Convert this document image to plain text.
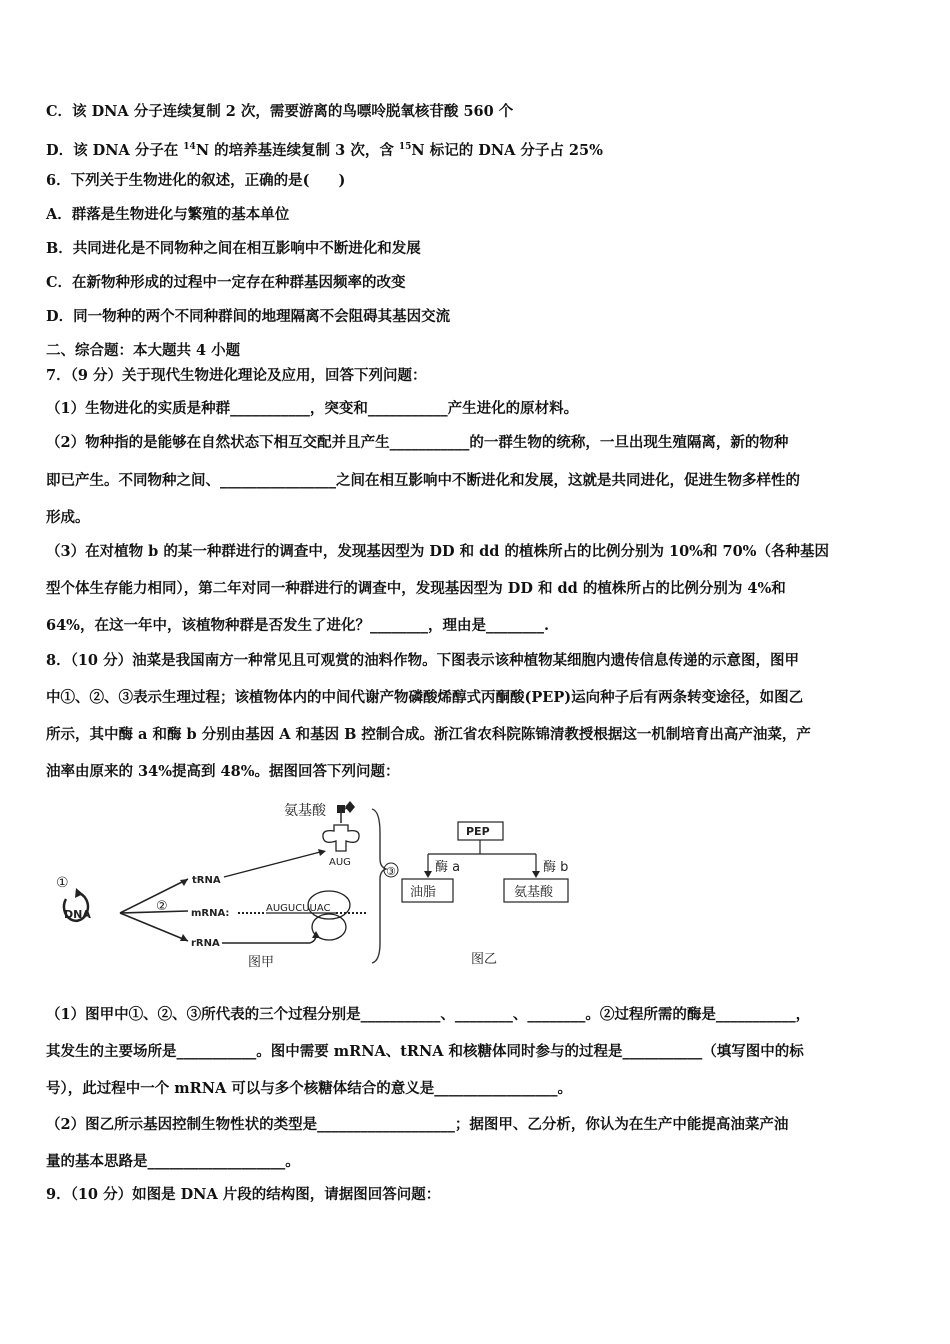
C．该 DNA 分子连续复制 2 次，需要游离的鸟嘌呤脱氧核苷酸 560 个
D．该 DNA 分子在 $^{14}$N 的培养基连续复制 3 次，含 $^{15}$N 标记的 DNA 分子占 25%
6．下列关于生物进化的叙述，正确的是(　　)
A．群落是生物进化与繁殖的基本单位
B．共同进化是不同物种之间在相互影响中不断进化和发展
C．在新物种形成的过程中一定存在种群基因频率的改变
D．同一物种的两个不同种群间的地理隔离不会阻碍其基因交流
二、综合题：本大题共 4 小题
7．（9 分）关于现代生物进化理论及应用，回答下列问题：
（1）生物进化的实质是种群___________，突变和___________产生进化的原材料。
（2）物种指的是能够在自然状态下相互交配并且产生___________的一群生物的统称，一旦出现生殖隔离，新的物种
即已产生。不同物种之间、________________之间在相互影响中不断进化和发展，这就是共同进化，促进生物多样性的
形成。
（3）在对植物 b 的某一种群进行的调查中，发现基因型为 DD 和 dd 的植株所占的比例分别为 10%和 70%（各种基因
型个体生存能力相同），第二年对同一种群进行的调查中，发现基因型为 DD 和 dd 的植株所占的比例分别为 4%和
64%，在这一年中，该植物种群是否发生了进化？________，理由是________.
8．（10 分）油菜是我国南方一种常见且可观赏的油料作物。下图表示该种植物某细胞内遗传信息传递的示意图，图甲
中①、②、③表示生理过程；该植物体内的中间代谢产物磷酸烯醇式丙酮酸(PEP)运向种子后有两条转变途径，如图乙
所示，其中酶 a 和酶 b 分别由基因 A 和基因 B 控制合成。浙江省农科院陈锦清教授根据这一机制培育出高产油菜，产
油率由原来的 34%提高到 48%。据图回答下列问题：
氨基酸
AUG
③
①
DNA
②
tRNA
mRNA:
rRNA
AUGUCUUAC
图甲
PEP
酶 a	酶 b
油脂	氨基酸
图乙
（1）图甲中①、②、③所代表的三个过程分别是___________、________、________。②过程所需的酶是___________，
其发生的主要场所是___________。图中需要 mRNA、tRNA 和核糖体同时参与的过程是___________（填写图中的标
号），此过程中一个 mRNA 可以与多个核糖体结合的意义是_________________。
（2）图乙所示基因控制生物性状的类型是___________________；据图甲、乙分析，你认为在生产中能提高油菜产油
量的基本思路是___________________。
9．（10 分）如图是 DNA 片段的结构图，请据图回答问题：
